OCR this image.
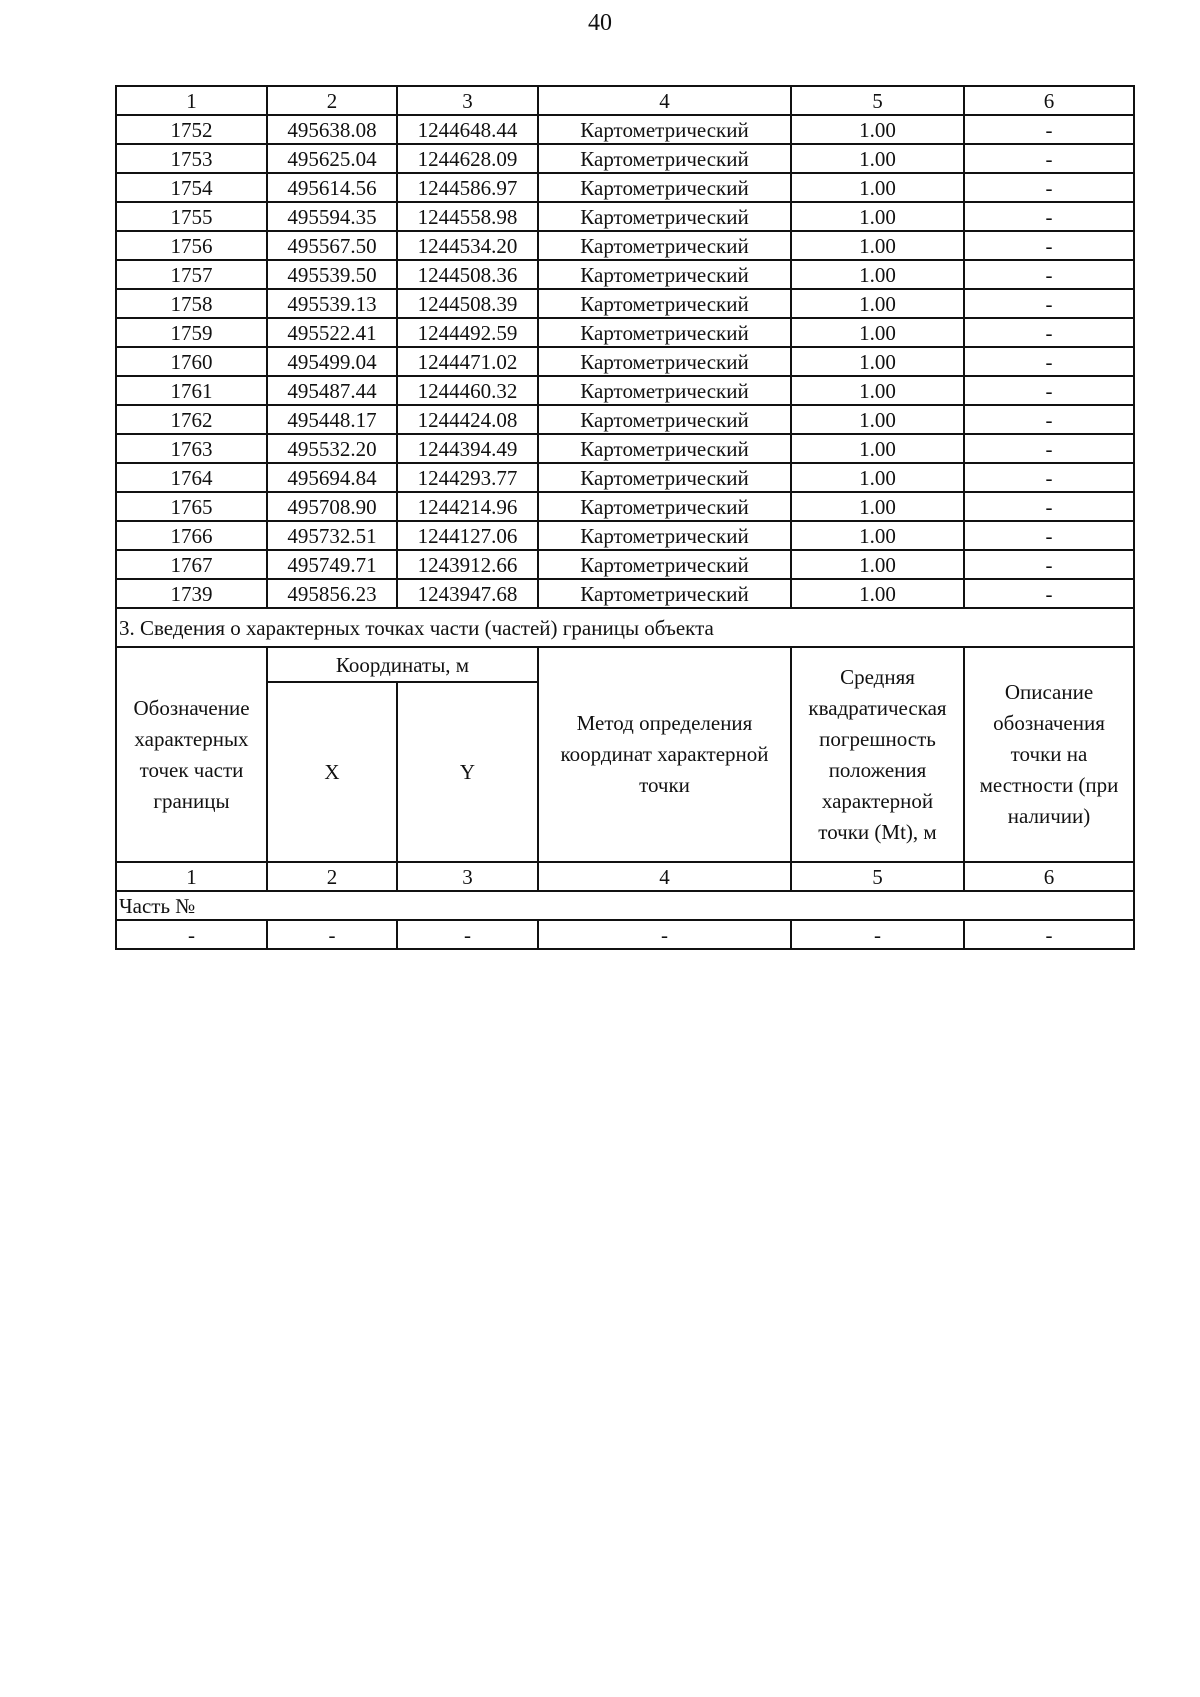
40
1	2	3	4	5	6
1752	495638.08	1244648.44	Картометрический	1.00	-
1753	495625.04	1244628.09	Картометрический	1.00	-
1754	495614.56	1244586.97	Картометрический	1.00	-
1755	495594.35	1244558.98	Картометрический	1.00	-
1756	495567.50	1244534.20	Картометрический	1.00	-
1757	495539.50	1244508.36	Картометрический	1.00	-
1758	495539.13	1244508.39	Картометрический	1.00	-
1759	495522.41	1244492.59	Картометрический	1.00	-
1760	495499.04	1244471.02	Картометрический	1.00	-
1761	495487.44	1244460.32	Картометрический	1.00	-
1762	495448.17	1244424.08	Картометрический	1.00	-
1763	495532.20	1244394.49	Картометрический	1.00	-
1764	495694.84	1244293.77	Картометрический	1.00	-
1765	495708.90	1244214.96	Картометрический	1.00	-
1766	495732.51	1244127.06	Картометрический	1.00	-
1767	495749.71	1243912.66	Картометрический	1.00	-
1739	495856.23	1243947.68	Картометрический	1.00	-
3. Сведения о характерных точках части (частей) границы объекта					
Обозначение характерных точек части границы	Координаты, м		Метод определения координат характерной точки	Средняя квадратическая погрешность положения характерной точки (Mt), м	Описание обозначения точки на местности (при наличии)
	X	Y			
1	2	3	4	5	6
Часть №					
-	-	-	-	-	-
